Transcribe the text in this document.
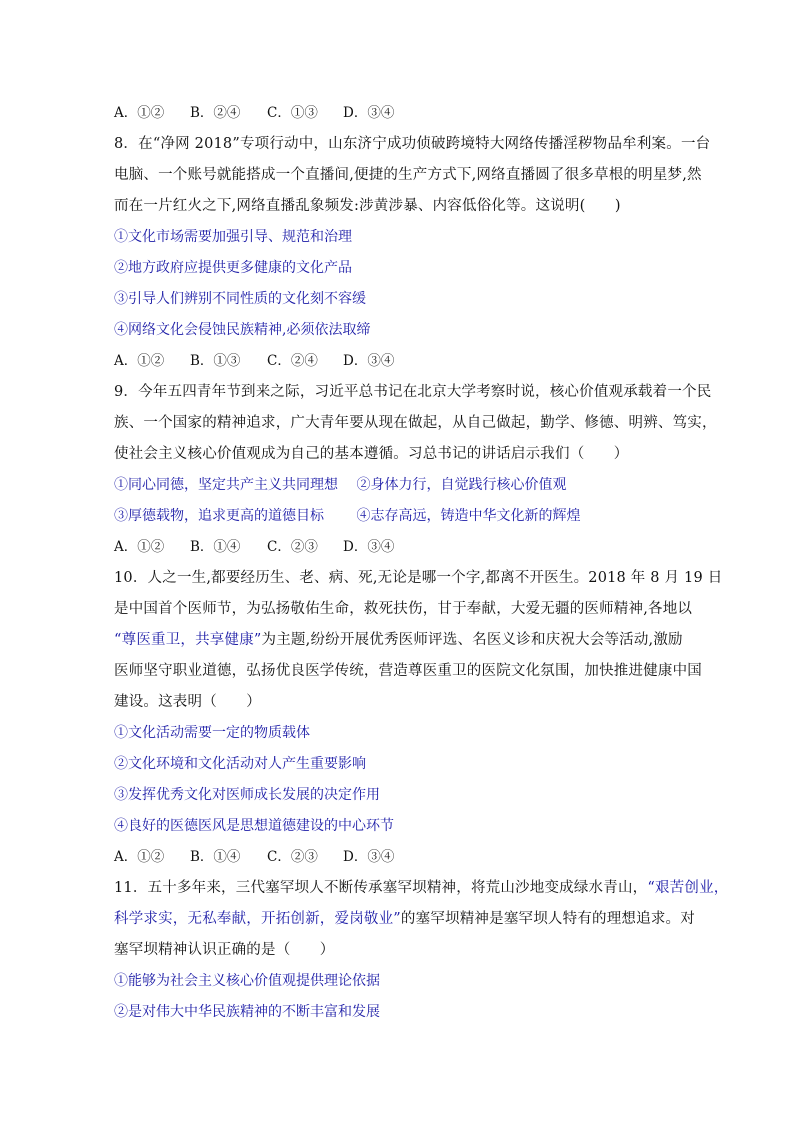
A．①②	B．②④	C．①③	D．③④
8．在“净网 2018”专项行动中，山东济宁成功侦破跨境特大网络传播淫秽物品牟利案。一台
电脑、一个账号就能搭成一个直播间,便捷的生产方式下,网络直播圆了很多草根的明星梦,然
而在一片红火之下,网络直播乱象频发:涉黄涉暴、内容低俗化等。这说明(　　)
①文化市场需要加强引导、规范和治理
②地方政府应提供更多健康的文化产品
③引导人们辨别不同性质的文化刻不容缓
④网络文化会侵蚀民族精神,必须依法取缔
A．①②	B．①③	C．②④	D．③④
9．今年五四青年节到来之际，习近平总书记在北京大学考察时说，核心价值观承载着一个民
族、一个国家的精神追求，广大青年要从现在做起，从自己做起，勤学、修德、明辨、笃实，
使社会主义核心价值观成为自己的基本遵循。习总书记的讲话启示我们（　　）
①同心同德，坚定共产主义共同理想　 ②身体力行，自觉践行核心价值观
③厚德载物，追求更高的道德目标　　 ④志存高远，铸造中华文化新的辉煌
A．①②	B．①④	C．②③	D．③④
10．人之一生,都要经历生、老、病、死,无论是哪一个字,都离不开医生。2018 年 8 月 19 日
是中国首个医师节，为弘扬敬佑生命，救死扶伤，甘于奉献，大爱无疆的医师精神,各地以
“尊医重卫，共享健康”为主题,纷纷开展优秀医师评选、名医义诊和庆祝大会等活动,激励
医师坚守职业道德，弘扬优良医学传统，营造尊医重卫的医院文化氛围，加快推进健康中国
建设。这表明（　　）
①文化活动需要一定的物质载体
②文化环境和文化活动对人产生重要影响
③发挥优秀文化对医师成长发展的决定作用
④良好的医德医风是思想道德建设的中心环节
A．①②	B．①④	C．②③	D．③④
11．五十多年来，三代塞罕坝人不断传承塞罕坝精神，将荒山沙地变成绿水青山，“艰苦创业，
科学求实，无私奉献，开拓创新，爱岗敬业”的塞罕坝精神是塞罕坝人特有的理想追求。对
塞罕坝精神认识正确的是（　　）
①能够为社会主义核心价值观提供理论依据
②是对伟大中华民族精神的不断丰富和发展
